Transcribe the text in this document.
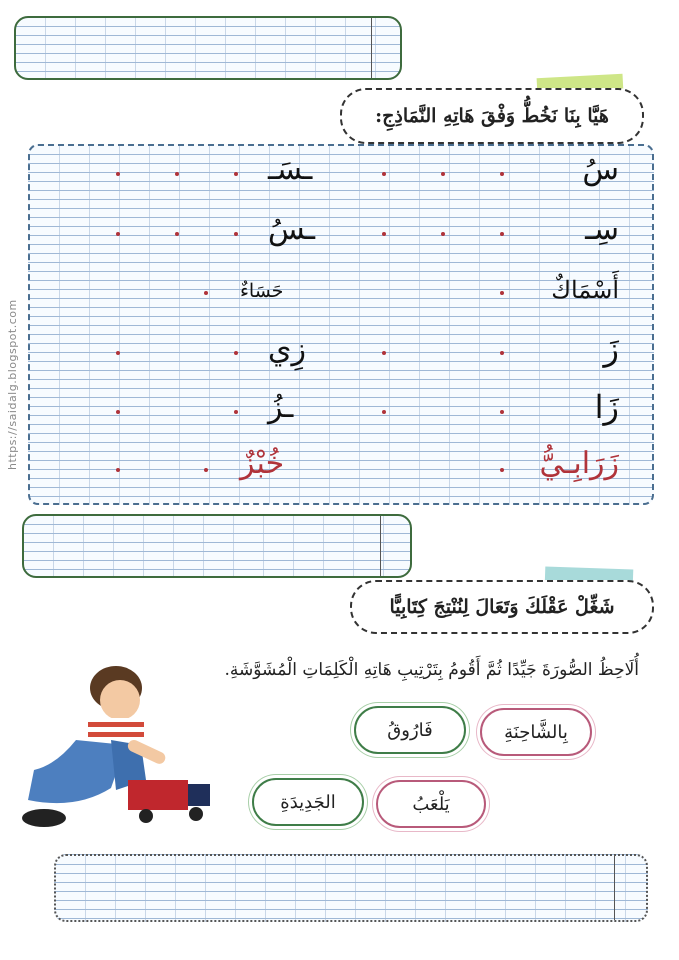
https://saidalg.blogspot.com
هَيَّا بِنَا نَخُطُّ وَفْقَ هَاتِهِ النَّمَاذِجِ:
سُ
ـسَـ
سِـ
ـسُ
أَسْمَاكٌ
حَسَاءٌ
زَ
زِي
زَا
ـزُ
زَرَابِـيُّ
خُبْزٌ
شَغِّلْ عَقْلَكَ وَتَعَالَ لِنُنْتِجَ كِتَابِيًّا
أُلَاحِظُ الصُّورَةَ جَيِّدًا ثُمَّ أَقُومُ بِتَرْتِيبِ هَاتِهِ الْكَلِمَاتِ الْمُشَوَّشَةِ.
بِالشَّاحِنَةِ
فَارُوقُ
يَلْعَبُ
الجَدِيدَةِ
